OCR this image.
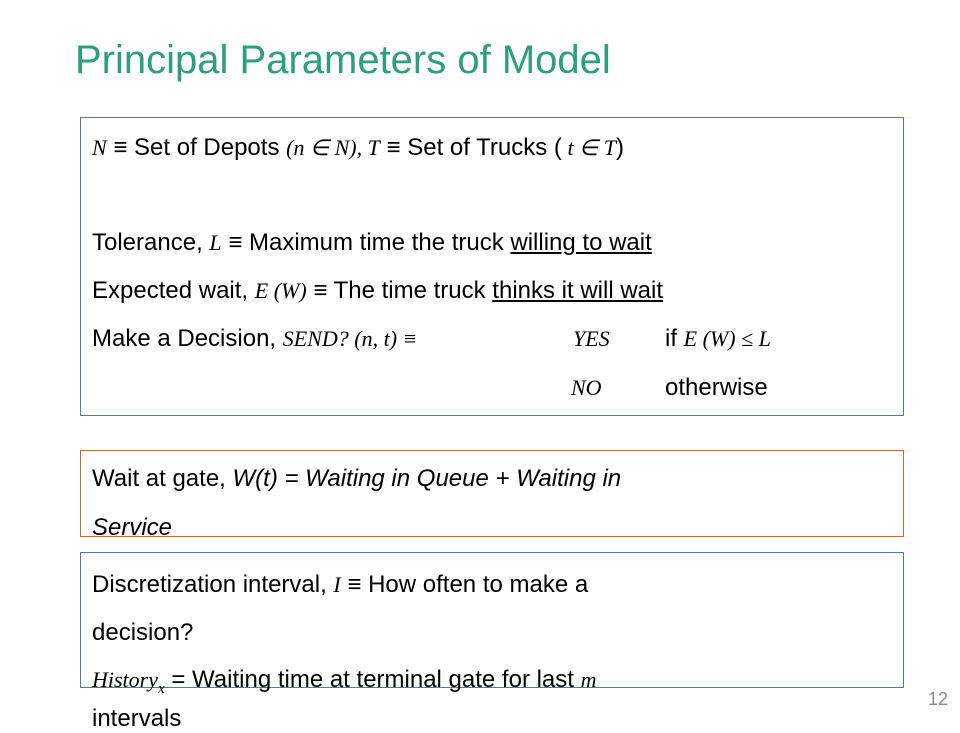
Principal Parameters of Model
N ≡ Set of Depots (n ∈ N), T ≡ Set of Trucks ( t ∈ T)
Tolerance, L ≡ Maximum time the truck willing to wait
Expected wait, E (W) ≡ The time truck thinks it will wait
Make a Decision, SEND? (n, t) ≡	YES if E (W) ≤ L
NO	otherwise
Wait at gate, W(t) = Waiting in Queue + Waiting in
Service
Discretization interval, I ≡ How often to make a
decision?
History$_x$ = Waiting time at terminal gate for last m
intervals
12
